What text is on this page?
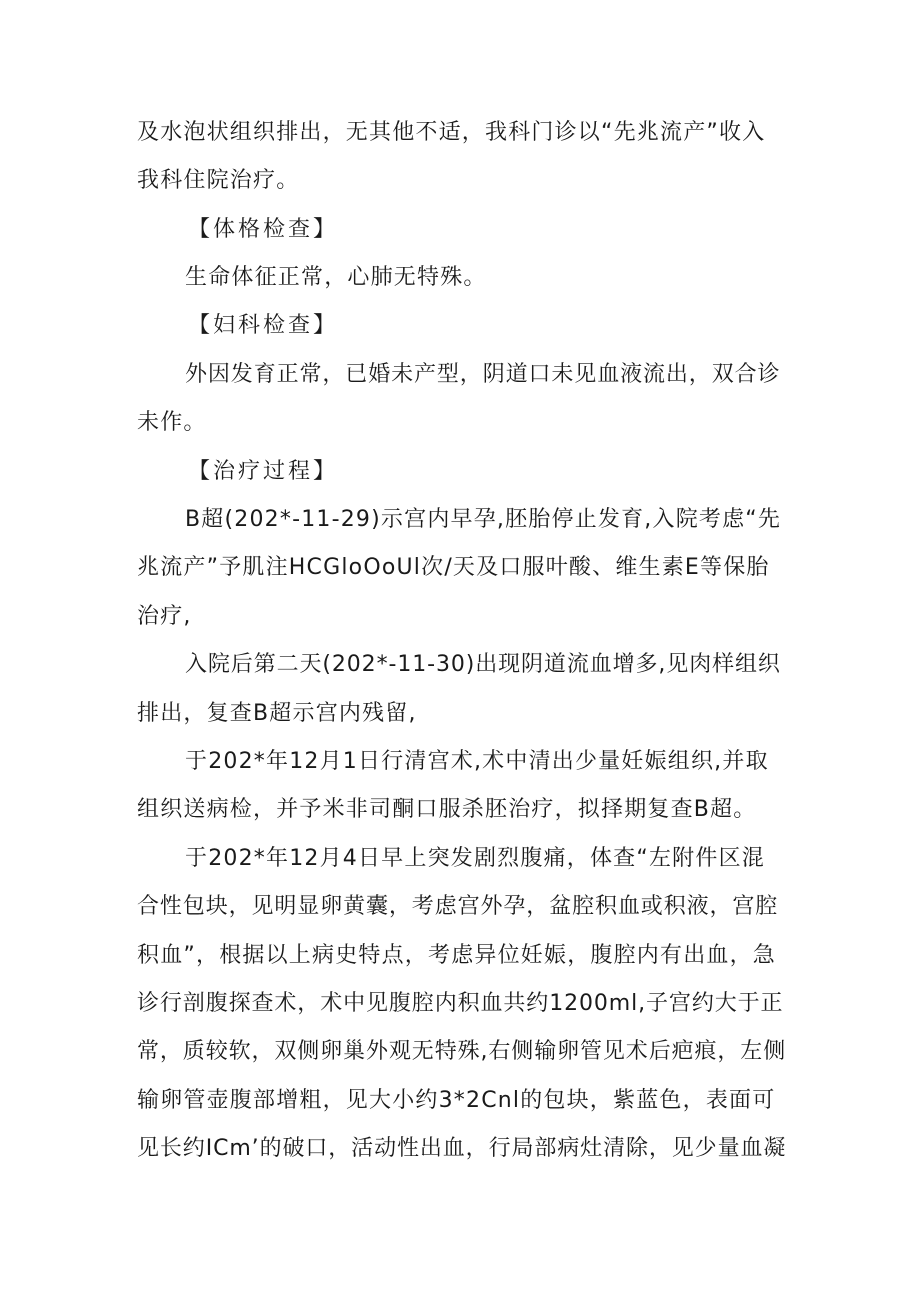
及水泡状组织排出，无其他不适，我科门诊以“先兆流产”收入
我科住院治疗。
【体格检查】
生命体征正常，心肺无特殊。
【妇科检查】
外因发育正常，已婚未产型，阴道口未见血液流出，双合诊
未作。
【治疗过程】
B超(202*-11-29)示宫内早孕,胚胎停止发育,入院考虑“先
兆流产”予肌注HCGloOoUl次/天及口服叶酸、维生素E等保胎
治疗,
入院后第二天(202*-11-30)出现阴道流血增多,见肉样组织
排出，复查B超示宫内残留,
于202*年12月1日行清宫术,术中清出少量妊娠组织,并取
组织送病检，并予米非司酮口服杀胚治疗，拟择期复查B超。
于202*年12月4日早上突发剧烈腹痛，体查“左附件区混
合性包块，见明显卵黄囊，考虑宫外孕，盆腔积血或积液，宫腔
积血”，根据以上病史特点，考虑异位妊娠，腹腔内有出血，急
诊行剖腹探查术，术中见腹腔内积血共约1200ml,子宫约大于正
常，质较软，双侧卵巢外观无特殊,右侧输卵管见术后疤痕，左侧
输卵管壶腹部增粗，见大小约3*2Cnl的包块，紫蓝色，表面可
见长约ICm’的破口，活动性出血，行局部病灶清除，见少量血凝
